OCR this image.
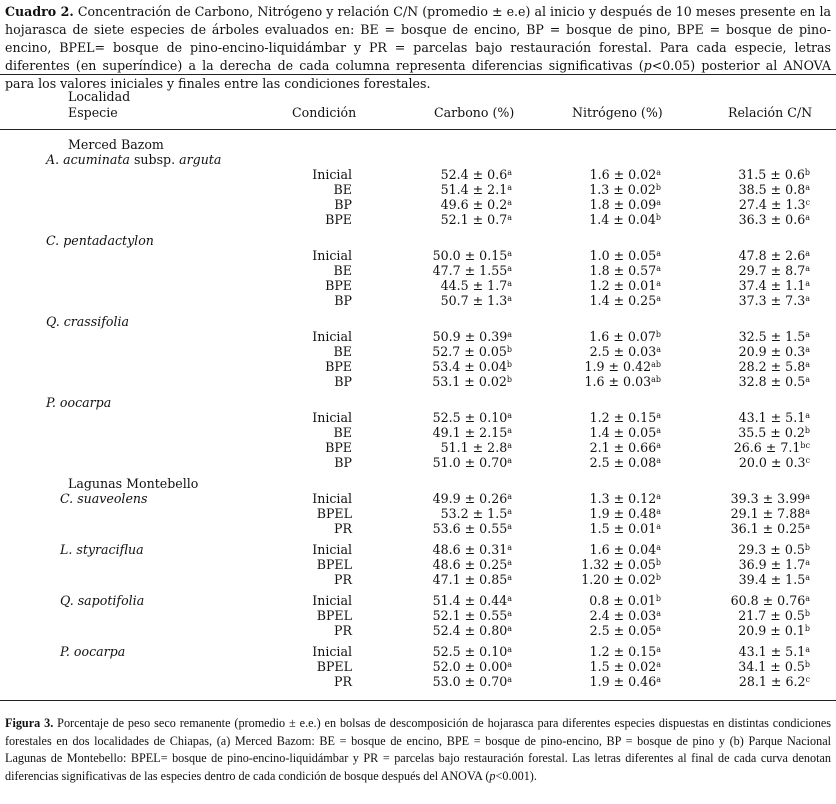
Cuadro 2. Concentración de Carbono, Nitrógeno y relación C/N (promedio ± e.e) al inicio y después de 10 meses presente en la hojarasca de siete especies de árboles evaluados en: BE = bosque de encino, BP = bosque de pino, BPE = bosque de pino-encino, BPEL= bosque de pino-encino-liquidámbar y PR = parcelas bajo restauración forestal. Para cada especie, letras diferentes (en superíndice) a la derecha de cada columna representa diferencias significativas (p<0.05) posterior al ANOVA para los valores iniciales y finales entre las condiciones forestales.
Localidad
Especie	Condición	Carbono (%)	Nitrógeno (%)	Relación C/N
Merced Bazom
A. acuminata subsp. arguta
Inicial	52.4 ± 0.6$^a$	1.6 ± 0.02$^a$	31.5 ± 0.6$^b$
BE	51.4 ± 2.1$^a$	1.3 ± 0.02$^b$	38.5 ± 0.8$^a$
BP	49.6 ± 0.2$^a$	1.8 ± 0.09$^a$	27.4 ± 1.3$^c$
BPE	52.1 ± 0.7$^a$	1.4 ± 0.04$^b$	36.3 ± 0.6$^a$
C. pentadactylon
Inicial	50.0 ± 0.15$^a$	1.0 ± 0.05$^a$	47.8 ± 2.6$^a$
BE	47.7 ± 1.55$^a$	1.8 ± 0.57$^a$	29.7 ± 8.7$^a$
BPE	44.5 ± 1.7$^a$	1.2 ± 0.01$^a$	37.4 ± 1.1$^a$
BP	50.7 ± 1.3$^a$	1.4 ± 0.25$^a$	37.3 ± 7.3$^a$
Q. crassifolia
Inicial	50.9 ± 0.39$^a$	1.6 ± 0.07$^b$	32.5 ± 1.5$^a$
BE	52.7 ± 0.05$^b$	2.5 ± 0.03$^a$	20.9 ± 0.3$^a$
BPE	53.4 ± 0.04$^b$	1.9 ± 0.42$^{ab}$	28.2 ± 5.8$^a$
BP	53.1 ± 0.02$^b$	1.6 ± 0.03$^{ab}$	32.8 ± 0.5$^a$
P. oocarpa
Inicial	52.5 ± 0.10$^a$	1.2 ± 0.15$^a$	43.1 ± 5.1$^a$
BE	49.1 ± 2.15$^a$	1.4 ± 0.05$^a$	35.5 ± 0.2$^b$
BPE	51.1 ± 2.8$^a$	2.1 ± 0.66$^a$	26.6 ± 7.1$^{bc}$
BP	51.0 ± 0.70$^a$	2.5 ± 0.08$^a$	20.0 ± 0.3$^c$
Lagunas Montebello
C. suaveolens	Inicial	49.9 ± 0.26$^a$	1.3 ± 0.12$^a$	39.3 ± 3.99$^a$
BPEL	53.2 ± 1.5$^a$	1.9 ± 0.48$^a$	29.1 ± 7.88$^a$
PR	53.6 ± 0.55$^a$	1.5 ± 0.01$^a$	36.1 ± 0.25$^a$
L. styraciflua	Inicial	48.6 ± 0.31$^a$	1.6 ± 0.04$^a$	29.3 ± 0.5$^b$
BPEL	48.6 ± 0.25$^a$	1.32 ± 0.05$^b$	36.9 ± 1.7$^a$
PR	47.1 ± 0.85$^a$	1.20 ± 0.02$^b$	39.4 ± 1.5$^a$
Q. sapotifolia	Inicial	51.4 ± 0.44$^a$	0.8 ± 0.01$^b$	60.8 ± 0.76$^a$
BPEL	52.1 ± 0.55$^a$	2.4 ± 0.03$^a$	21.7 ± 0.5$^b$
PR	52.4 ± 0.80$^a$	2.5 ± 0.05$^a$	20.9 ± 0.1$^b$
P. oocarpa	Inicial	52.5 ± 0.10$^a$	1.2 ± 0.15$^a$	43.1 ± 5.1$^a$
BPEL	52.0 ± 0.00$^a$	1.5 ± 0.02$^a$	34.1 ± 0.5$^b$
PR	53.0 ± 0.70$^a$	1.9 ± 0.46$^a$	28.1 ± 6.2$^c$
Figura 3. Porcentaje de peso seco remanente (promedio ± e.e.) en bolsas de descomposición de hojarasca para diferentes especies dispuestas en distintas condiciones forestales en dos localidades de Chiapas, (a) Merced Bazom: BE = bosque de encino, BPE = bosque de pino-encino, BP = bosque de pino y (b) Parque Nacional Lagunas de Montebello: BPEL= bosque de pino-encino-liquidámbar y PR = parcelas bajo restauración forestal. Las letras diferentes al final de cada curva denotan diferencias significativas de las especies dentro de cada condición de bosque después del ANOVA (p<0.001).
